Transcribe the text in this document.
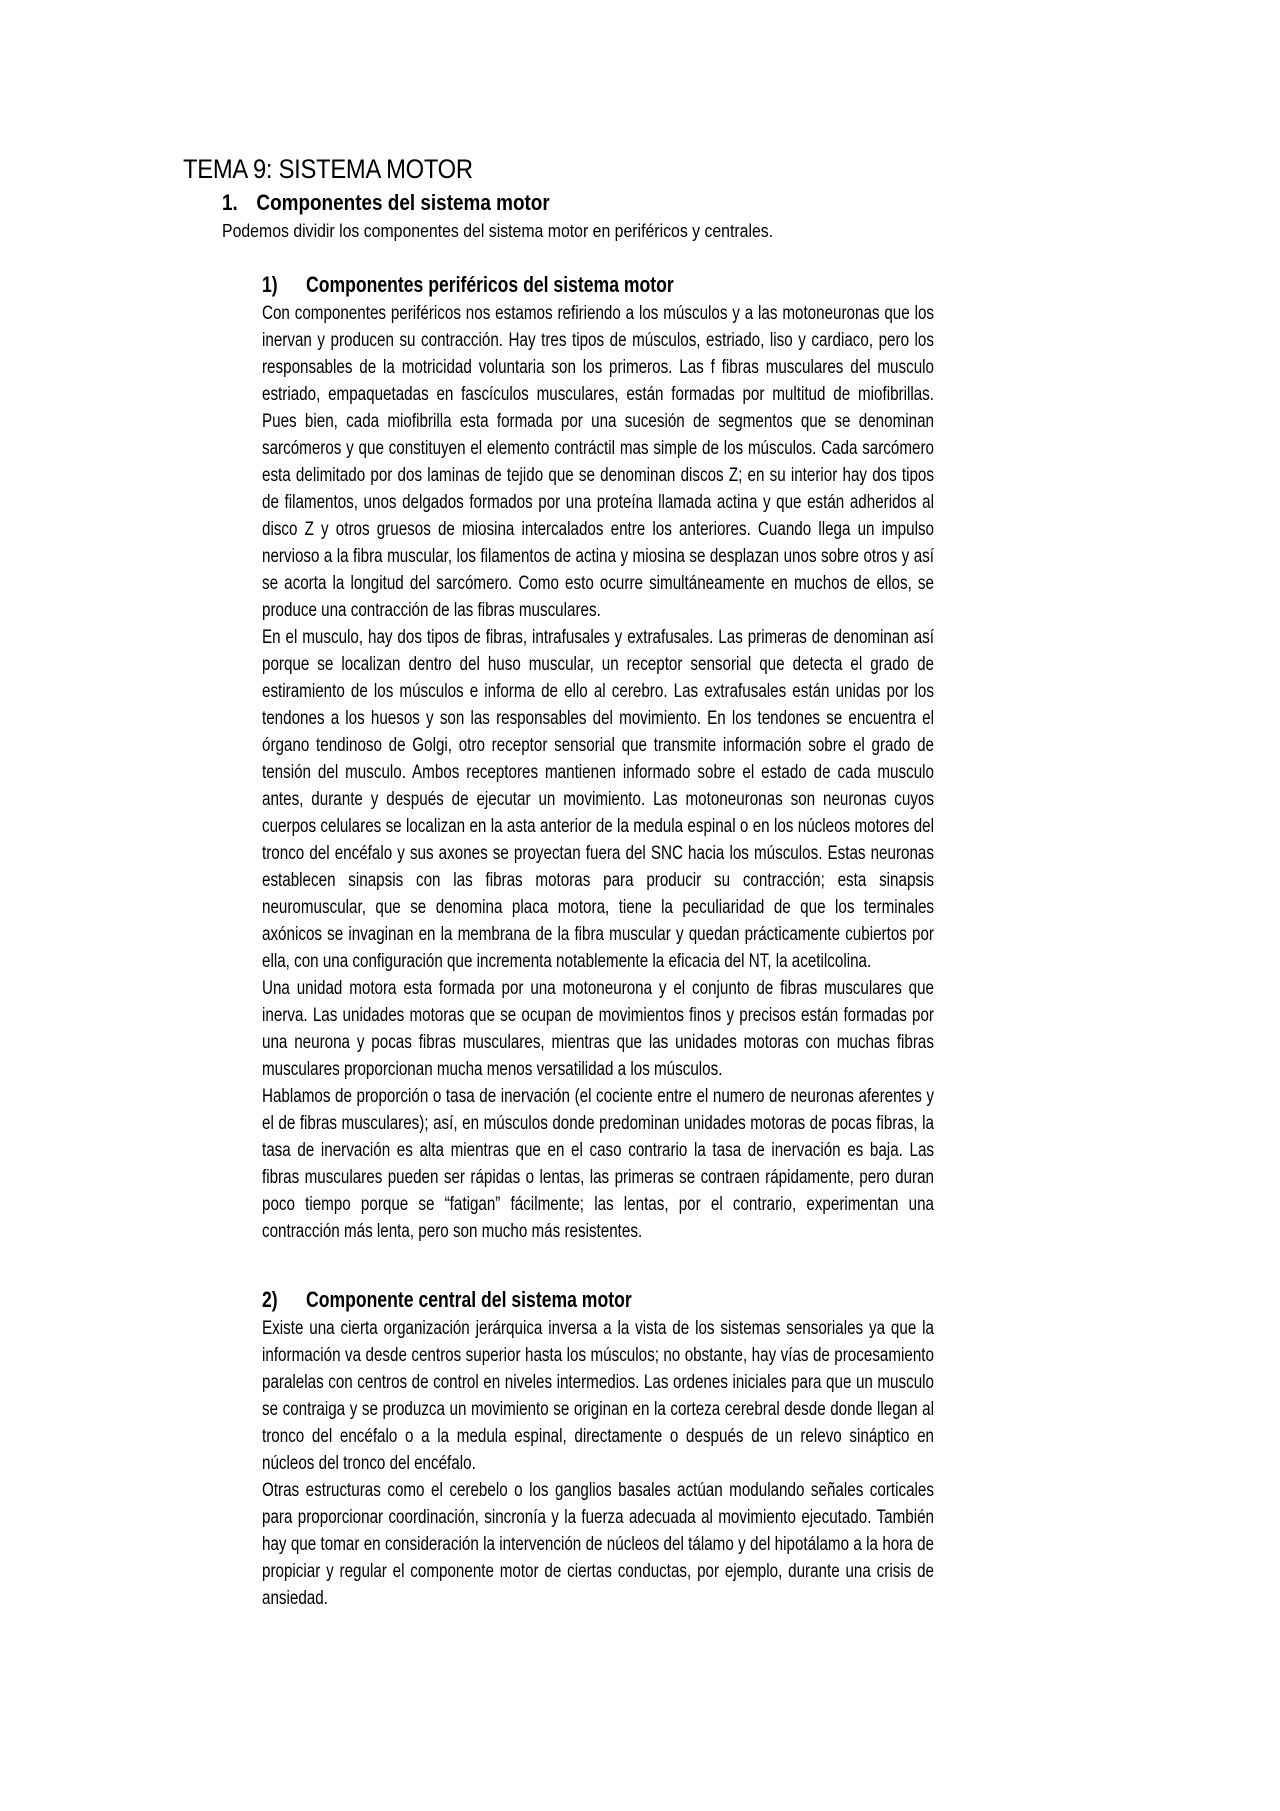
TEMA 9: SISTEMA MOTOR
1. Componentes del sistema motor
Podemos dividir los componentes del sistema motor en periféricos y centrales.
1) Componentes periféricos del sistema motor

Con componentes periféricos nos estamos refiriendo a los músculos y a las motoneuronas que los inervan y producen su contracción. Hay tres tipos de músculos, estriado, liso y cardiaco, pero los responsables de la motricidad voluntaria son los primeros. Las f fibras musculares del musculo estriado, empaquetadas en fascículos musculares, están formadas por multitud de miofibrillas. Pues bien, cada miofibrilla esta formada por una sucesión de segmentos que se denominan sarcómeros y que constituyen el elemento contráctil mas simple de los músculos. Cada sarcómero esta delimitado por dos laminas de tejido que se denominan discos Z; en su interior hay dos tipos de filamentos, unos delgados formados por una proteína llamada actina y que están adheridos al disco Z y otros gruesos de miosina intercalados entre los anteriores. Cuando llega un impulso nervioso a la fibra muscular, los filamentos de actina y miosina se desplazan unos sobre otros y así se acorta la longitud del sarcómero. Como esto ocurre simultáneamente en muchos de ellos, se produce una contracción de las fibras musculares.

En el musculo, hay dos tipos de fibras, intrafusales y extrafusales. Las primeras de denominan así porque se localizan dentro del huso muscular, un receptor sensorial que detecta el grado de estiramiento de los músculos e informa de ello al cerebro. Las extrafusales están unidas por los tendones a los huesos y son las responsables del movimiento. En los tendones se encuentra el órgano tendinoso de Golgi, otro receptor sensorial que transmite información sobre el grado de tensión del musculo. Ambos receptores mantienen informado sobre el estado de cada musculo antes, durante y después de ejecutar un movimiento. Las motoneuronas son neuronas cuyos cuerpos celulares se localizan en la asta anterior de la medula espinal o en los núcleos motores del tronco del encéfalo y sus axones se proyectan fuera del SNC hacia los músculos. Estas neuronas establecen sinapsis con las fibras motoras para producir su contracción; esta sinapsis neuromuscular, que se denomina placa motora, tiene la peculiaridad de que los terminales axónicos se invaginan en la membrana de la fibra muscular y quedan prácticamente cubiertos por ella, con una configuración que incrementa notablemente la eficacia del NT, la acetilcolina.

Una unidad motora esta formada por una motoneurona y el conjunto de fibras musculares que inerva. Las unidades motoras que se ocupan de movimientos finos y precisos están formadas por una neurona y pocas fibras musculares, mientras que las unidades motoras con muchas fibras musculares proporcionan mucha menos versatilidad a los músculos.

Hablamos de proporción o tasa de inervación (el cociente entre el numero de neuronas aferentes y el de fibras musculares); así, en músculos donde predominan unidades motoras de pocas fibras, la tasa de inervación es alta mientras que en el caso contrario la tasa de inervación es baja. Las fibras musculares pueden ser rápidas o lentas, las primeras se contraen rápidamente, pero duran poco tiempo porque se “fatigan” fácilmente; las lentas, por el contrario, experimentan una contracción más lenta, pero son mucho más resistentes.

2) Componente central del sistema motor

Existe una cierta organización jerárquica inversa a la vista de los sistemas sensoriales ya que la información va desde centros superior hasta los músculos; no obstante, hay vías de procesamiento paralelas con centros de control en niveles intermedios. Las ordenes iniciales para que un musculo se contraiga y se produzca un movimiento se originan en la corteza cerebral desde donde llegan al tronco del encéfalo o a la medula espinal, directamente o después de un relevo sináptico en núcleos del tronco del encéfalo.

Otras estructuras como el cerebelo o los ganglios basales actúan modulando señales corticales para proporcionar coordinación, sincronía y la fuerza adecuada al movimiento ejecutado. También hay que tomar en consideración la intervención de núcleos del tálamo y del hipotálamo a la hora de propiciar y regular el componente motor de ciertas conductas, por ejemplo, durante una crisis de ansiedad.
